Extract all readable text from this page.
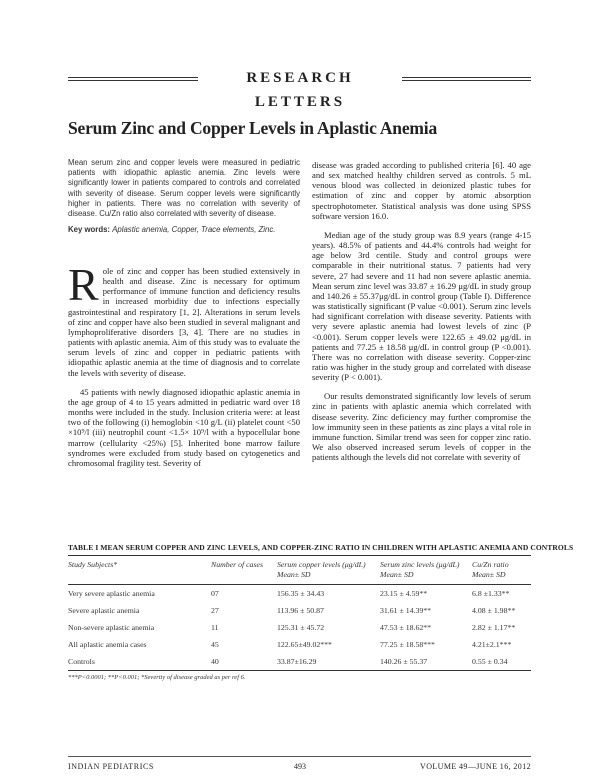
RESEARCH LETTERS
Serum Zinc and Copper Levels in Aplastic Anemia
Mean serum zinc and copper levels were measured in pediatric patients with idiopathic aplastic anemia. Zinc levels were significantly lower in patients compared to controls and correlated with severity of disease. Serum copper levels were significantly higher in patients. There was no correlation with severity of disease. Cu/Zn ratio also correlated with severity of disease.
Key words: Aplastic anemia, Copper, Trace elements, Zinc.

Role of zinc and copper has been studied extensively in health and disease. Zinc is necessary for optimum performance of immune function and deficiency results in increased morbidity due to infections especially gastrointestinal and respiratory [1, 2]. Alterations in serum levels of zinc and copper have also been studied in several malignant and lymphoproliferative disorders [3, 4]. There are no studies in patients with aplastic anemia. Aim of this study was to evaluate the serum levels of zinc and copper in pediatric patients with idiopathic aplastic anemia at the time of diagnosis and to correlate the levels with severity of disease.

45 patients with newly diagnosed idiopathic aplastic anemia in the age group of 4 to 15 years admitted in pediatric ward over 18 months were included in the study. Inclusion criteria were: at least two of the following (i) hemoglobin <10 g/L (ii) platelet count <50 ×10⁹/l (iii) neutrophil count <1.5× 10⁹/l with a hypocellular bone marrow (cellularity <25%) [5]. Inherited bone marrow failure syndromes were excluded from study based on cytogenetics and chromosomal fragility test. Severity of

disease was graded according to published criteria [6]. 40 age and sex matched healthy children served as controls. 5 mL venous blood was collected in deionized plastic tubes for estimation of zinc and copper by atomic absorption spectrophotometer. Statistical analysis was done using SPSS software version 16.0.

Median age of the study group was 8.9 years (range 4-15 years). 48.5% of patients and 44.4% controls had weight for age below 3rd centile. Study and control groups were comparable in their nutritional status. 7 patients had very severe, 27 had severe and 11 had non severe aplastic anemia. Mean serum zinc level was 33.87 ± 16.29 μg/dL in study group and 140.26 ± 55.37μg/dL in control group (Table I). Difference was statistically significant (P value <0.001). Serum zinc levels had significant correlation with disease severity. Patients with very severe aplastic anemia had lowest levels of zinc (P <0.001). Serum copper levels were 122.65 ± 49.02 μg/dL in patients and 77.25 ± 18.58 μg/dL in control group (P <0.001). There was no correlation with disease severity. Copper-zinc ratio was higher in the study group and correlated with disease severity (P < 0.001).

Our results demonstrated significantly low levels of serum zinc in patients with aplastic anemia which correlated with disease severity. Zinc deficiency may further compromise the low immunity seen in these patients as zinc plays a vital role in immune function. Similar trend was seen for copper zinc ratio. We also observed increased serum levels of copper in the patients although the levels did not correlate with severity of

TABLE I MEAN SERUM COPPER AND ZINC LEVELS, AND COPPER-ZINC RATIO IN CHILDREN WITH APLASTIC ANEMIA AND CONTROLS
Study Subjects*	Number of cases	Serum copper levels (μg/dL) Mean± SD	Serum zinc levels (μg/dL) Mean± SD	Cu/Zn ratio Mean± SD
Very severe aplastic anemia	07	156.35 ± 34.43	23.15 ± 4.59**	6.8 ±1.33**
Severe aplastic anemia	27	113.96 ± 50.87	31.61 ± 14.39**	4.08 ± 1.98**
Non-severe aplastic anemia	11	125.31 ± 45.72	47.53 ± 18.62**	2.82 ± 1.17**
All aplastic anemia cases	45	122.65±49.02***	77.25 ± 18.58***	4.21±2.1***
Controls	40	33.87±16.29	140.26 ± 55.37	0.55 ± 0.34
***P<0.0001; **P<0.001; *Severity of disease graded as per ref 6.
INDIAN PEDIATRICS	493	VOLUME 49—JUNE 16, 2012
